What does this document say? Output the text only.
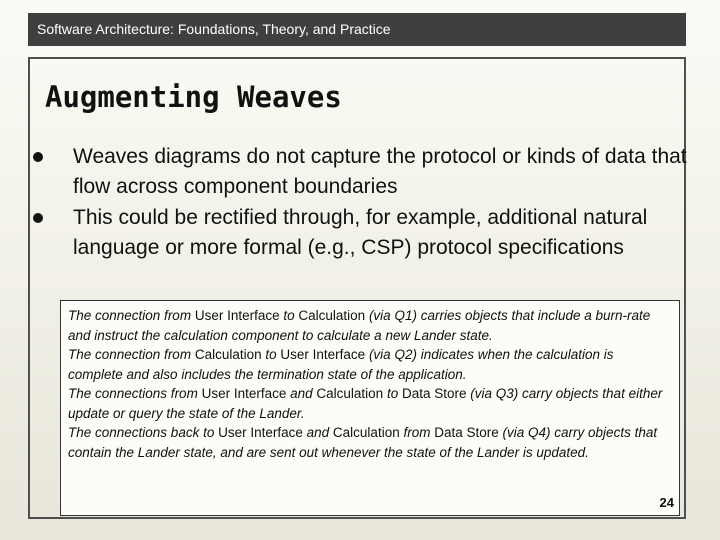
Software Architecture: Foundations, Theory, and Practice
Augmenting Weaves
Weaves diagrams do not capture the protocol or kinds of data that flow across component boundaries
This could be rectified through, for example, additional natural language or more formal (e.g., CSP) protocol specifications

The connection from User Interface to Calculation (via Q1) carries objects that include a burn-rate and instruct the calculation component to calculate a new Lander state.

The connection from Calculation to User Interface (via Q2) indicates when the calculation is complete and also includes the termination state of the application.

The connections from User Interface and Calculation to Data Store (via Q3) carry objects that either update or query the state of the Lander.

The connections back to User Interface and Calculation from Data Store (via Q4) carry objects that contain the Lander state, and are sent out whenever the state of the Lander is updated.

24
